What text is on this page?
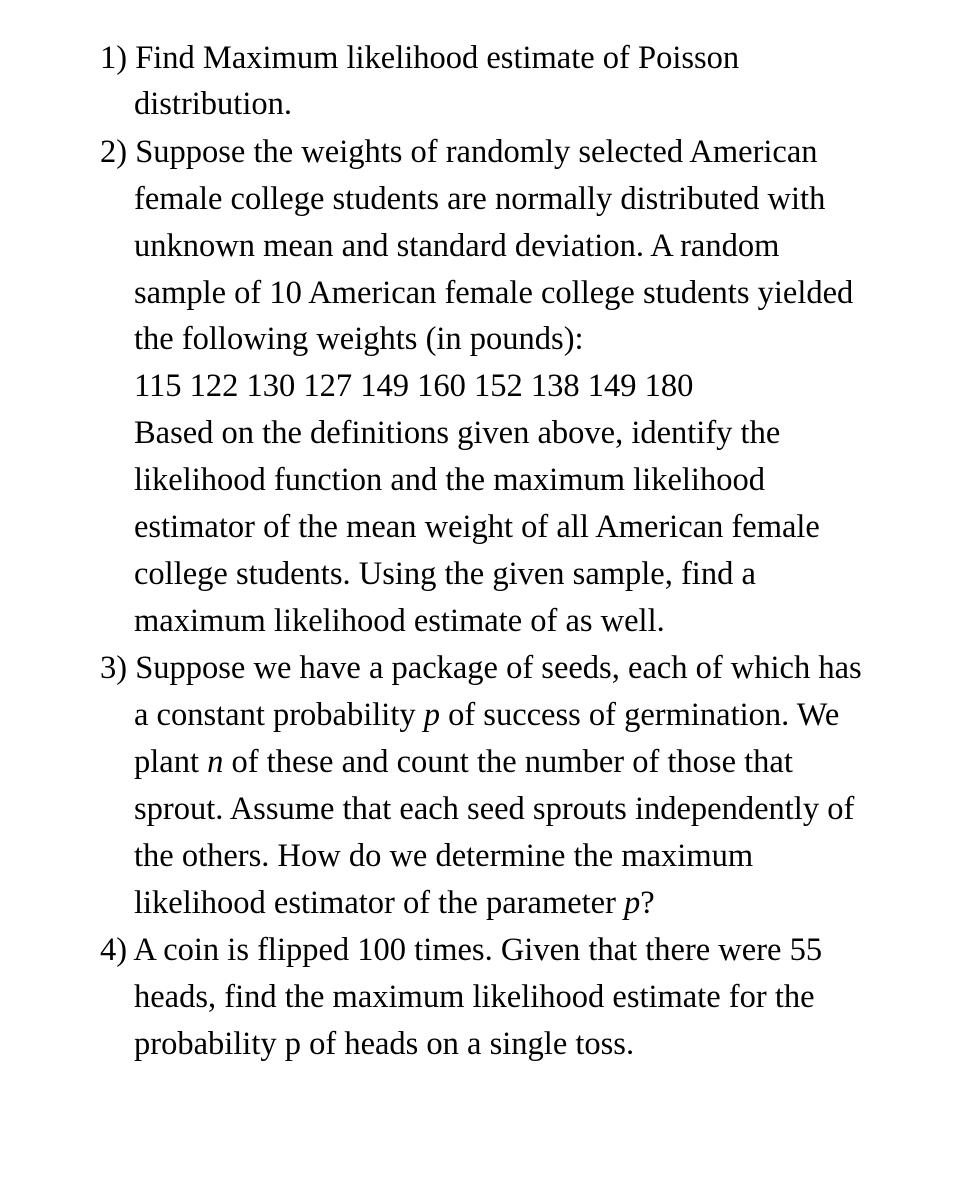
1) Find Maximum likelihood estimate of Poisson
distribution.
2) Suppose the weights of randomly selected American
female college students are normally distributed with
unknown mean and standard deviation. A random
sample of 10 American female college students yielded
the following weights (in pounds):
115 122 130 127 149 160 152 138 149 180
Based on the definitions given above, identify the
likelihood function and the maximum likelihood
estimator of the mean weight of all American female
college students. Using the given sample, find a
maximum likelihood estimate of as well.
3) Suppose we have a package of seeds, each of which has
a constant probability p of success of germination. We
plant n of these and count the number of those that
sprout. Assume that each seed sprouts independently of
the others. How do we determine the maximum
likelihood estimator of the parameter p?
4) A coin is flipped 100 times. Given that there were 55
heads, find the maximum likelihood estimate for the
probability p of heads on a single toss.
